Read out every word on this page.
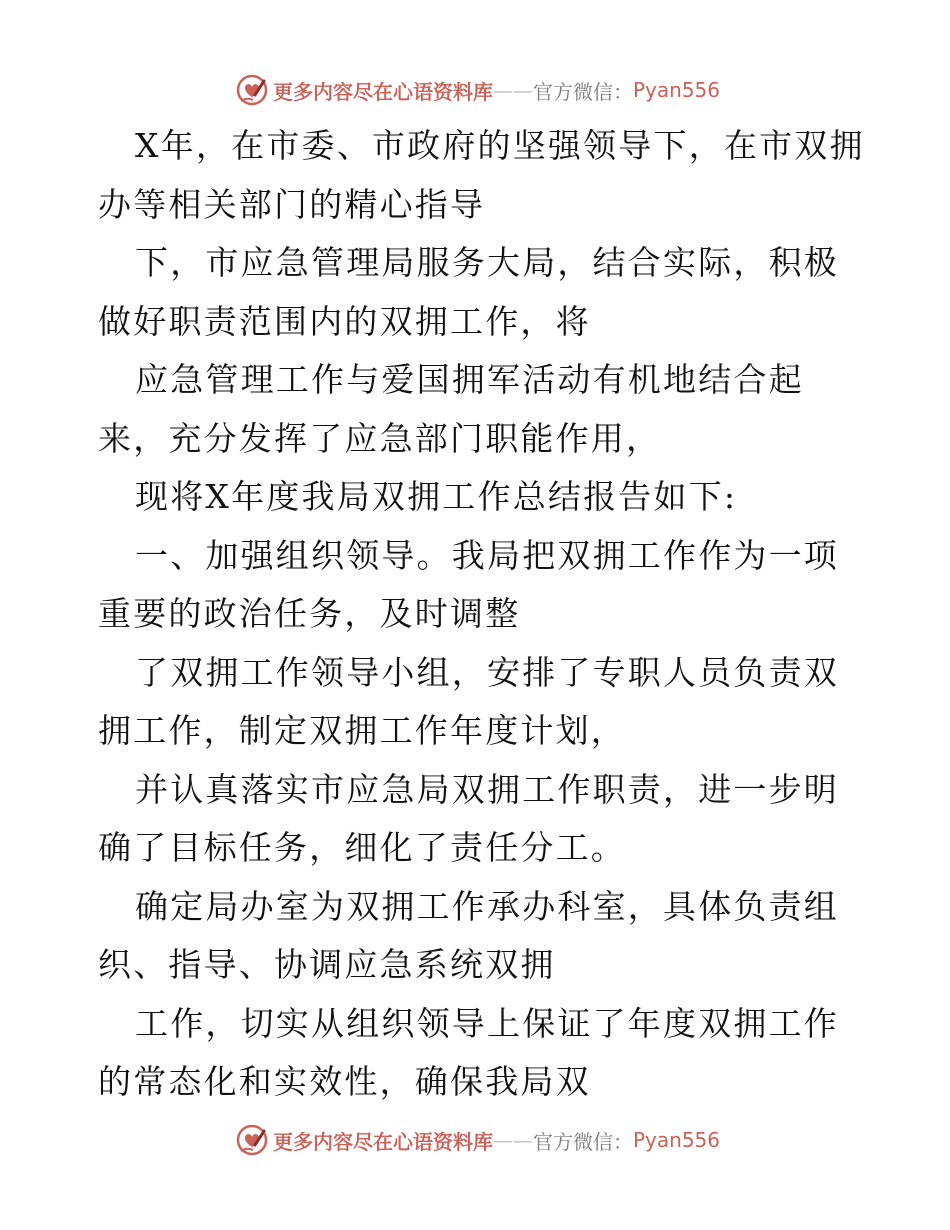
更多内容尽在心语资料库 —— 官方微信： Pyan556

X年，在市委、市政府的坚强领导下，在市双拥办等相关部门的精心指导

下，市应急管理局服务大局，结合实际，积极做好职责范围内的双拥工作，将

应急管理工作与爱国拥军活动有机地结合起来，充分发挥了应急部门职能作用，

现将X年度我局双拥工作总结报告如下:

一、加强组织领导。我局把双拥工作作为一项重要的政治任务，及时调整

了双拥工作领导小组，安排了专职人员负责双拥工作，制定双拥工作年度计划，

并认真落实市应急局双拥工作职责，进一步明确了目标任务，细化了责任分工。

确定局办室为双拥工作承办科室，具体负责组织、指导、协调应急系统双拥

工作，切实从组织领导上保证了年度双拥工作的常态化和实效性，确保我局双

更多内容尽在心语资料库 —— 官方微信： Pyan556
